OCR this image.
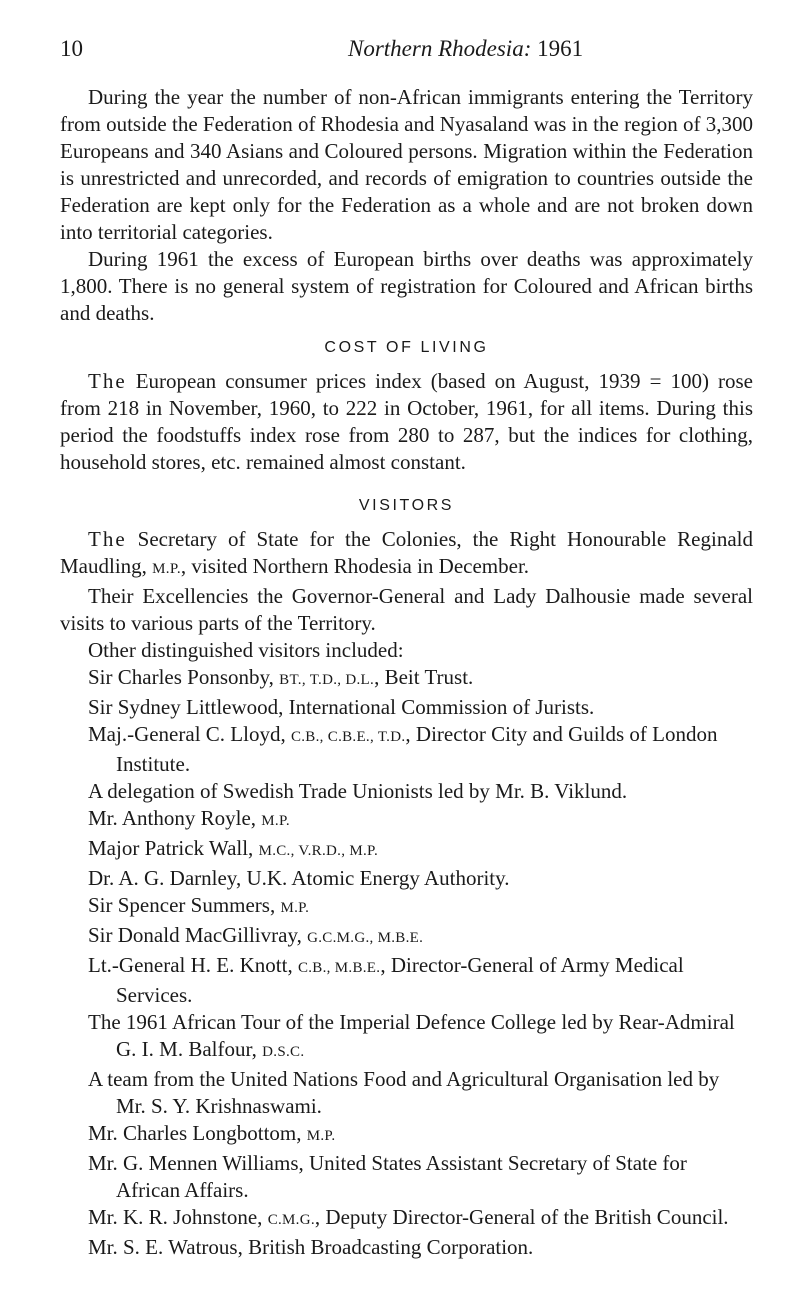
10	Northern Rhodesia: 1961

During the year the number of non-African immigrants entering the Territory from outside the Federation of Rhodesia and Nyasaland was in the region of 3,300 Europeans and 340 Asians and Coloured persons. Migration within the Federation is unrestricted and unrecorded, and records of emigration to countries outside the Federation are kept only for the Federation as a whole and are not broken down into territorial categories.

During 1961 the excess of European births over deaths was approximately 1,800. There is no general system of registration for Coloured and African births and deaths.

COST OF LIVING

The European consumer prices index (based on August, 1939 = 100) rose from 218 in November, 1960, to 222 in October, 1961, for all items. During this period the foodstuffs index rose from 280 to 287, but the indices for clothing, household stores, etc. remained almost constant.

VISITORS

The Secretary of State for the Colonies, the Right Honourable Reginald Maudling, M.P., visited Northern Rhodesia in December.

Their Excellencies the Governor-General and Lady Dalhousie made several visits to various parts of the Territory.

Other distinguished visitors included:

Sir Charles Ponsonby, BT., T.D., D.L., Beit Trust.
Sir Sydney Littlewood, International Commission of Jurists.
Maj.-General C. Lloyd, C.B., C.B.E., T.D., Director City and Guilds of London Institute.
A delegation of Swedish Trade Unionists led by Mr. B. Viklund.
Mr. Anthony Royle, M.P.
Major Patrick Wall, M.C., V.R.D., M.P.
Dr. A. G. Darnley, U.K. Atomic Energy Authority.
Sir Spencer Summers, M.P.
Sir Donald MacGillivray, G.C.M.G., M.B.E.
Lt.-General H. E. Knott, C.B., M.B.E., Director-General of Army Medical Services.
The 1961 African Tour of the Imperial Defence College led by Rear-Admiral G. I. M. Balfour, D.S.C.
A team from the United Nations Food and Agricultural Organisation led by Mr. S. Y. Krishnaswami.
Mr. Charles Longbottom, M.P.
Mr. G. Mennen Williams, United States Assistant Secretary of State for African Affairs.
Mr. K. R. Johnstone, C.M.G., Deputy Director-General of the British Council.
Mr. S. E. Watrous, British Broadcasting Corporation.
